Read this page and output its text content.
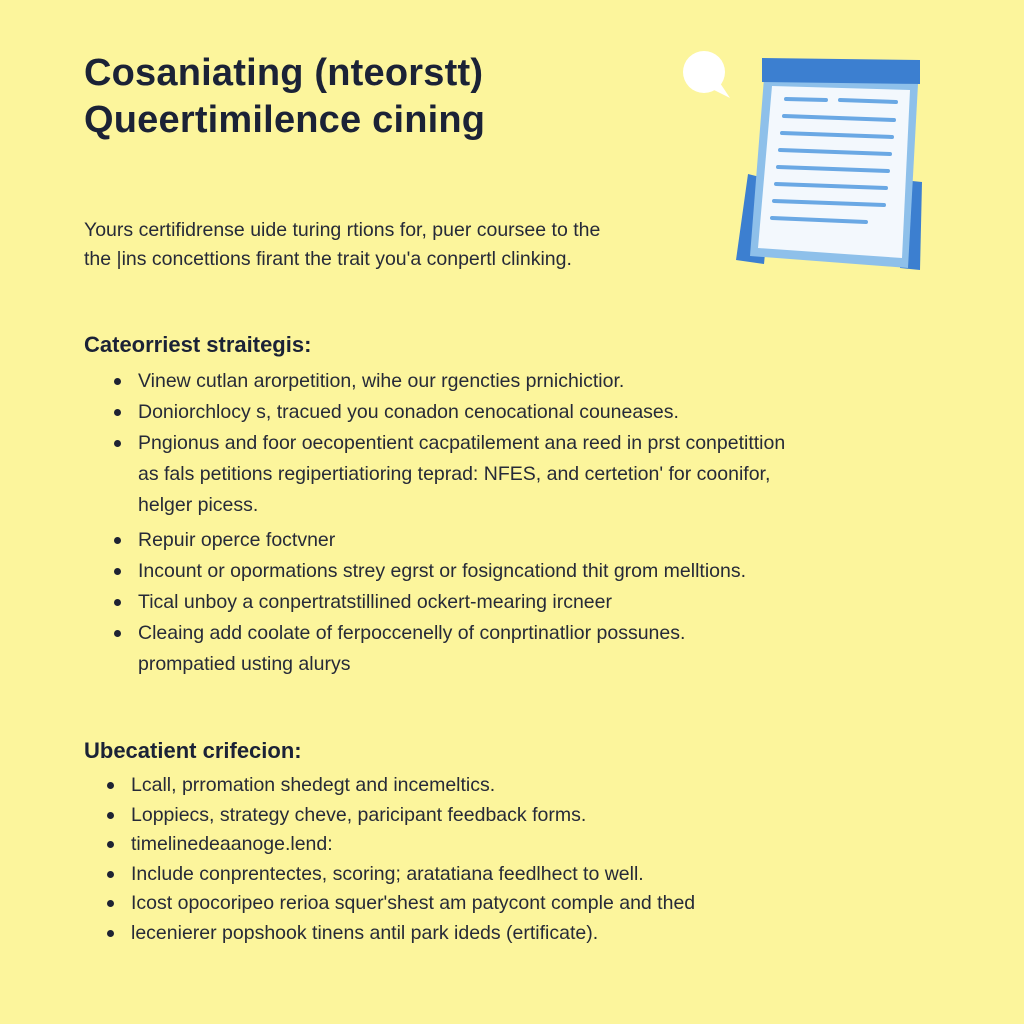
Cosaniating (nteorstt)
Queertimilence cining

Yours certifidrense uide turing rtions for, puer coursee to the
the |ins concettions firant the trait you'a conpertl clinking.

Cateorriest straitegis:
Vinew cutlan arorpetition, wihe our rgencties prnichictior.
Doniorchlocy s, tracued you conadon cenocational couneases.
Pngionus and foor oecopentient cacpatilement ana reed in prst conpetittion
as fals petitions regipertiatioring teprad: NFES, and certetion' for coonifor,
helger picess.
Repuir operce foctvner
Incount or opormations strey egrst or fosigncationd thit grom melltions.
Tical unboy a conpertratstillined ockert-mearing ircneer
Cleaing add coolate of ferpoccenelly of conprtinatlior possunes.
prompatied usting alurys
Ubecatient crifecion:
Lcall, prromation shedegt and incemeltics.
Loppiecs, strategy cheve, paricipant feedback forms.
timelinedeaanoge.lend:
Include conprentectes, scoring; aratatiana feedlhect to well.
Icost opocoripeo rerioa squer'shest am patycont comple and thed
lecenierer popshook tinens antil park ideds (ertificate).
